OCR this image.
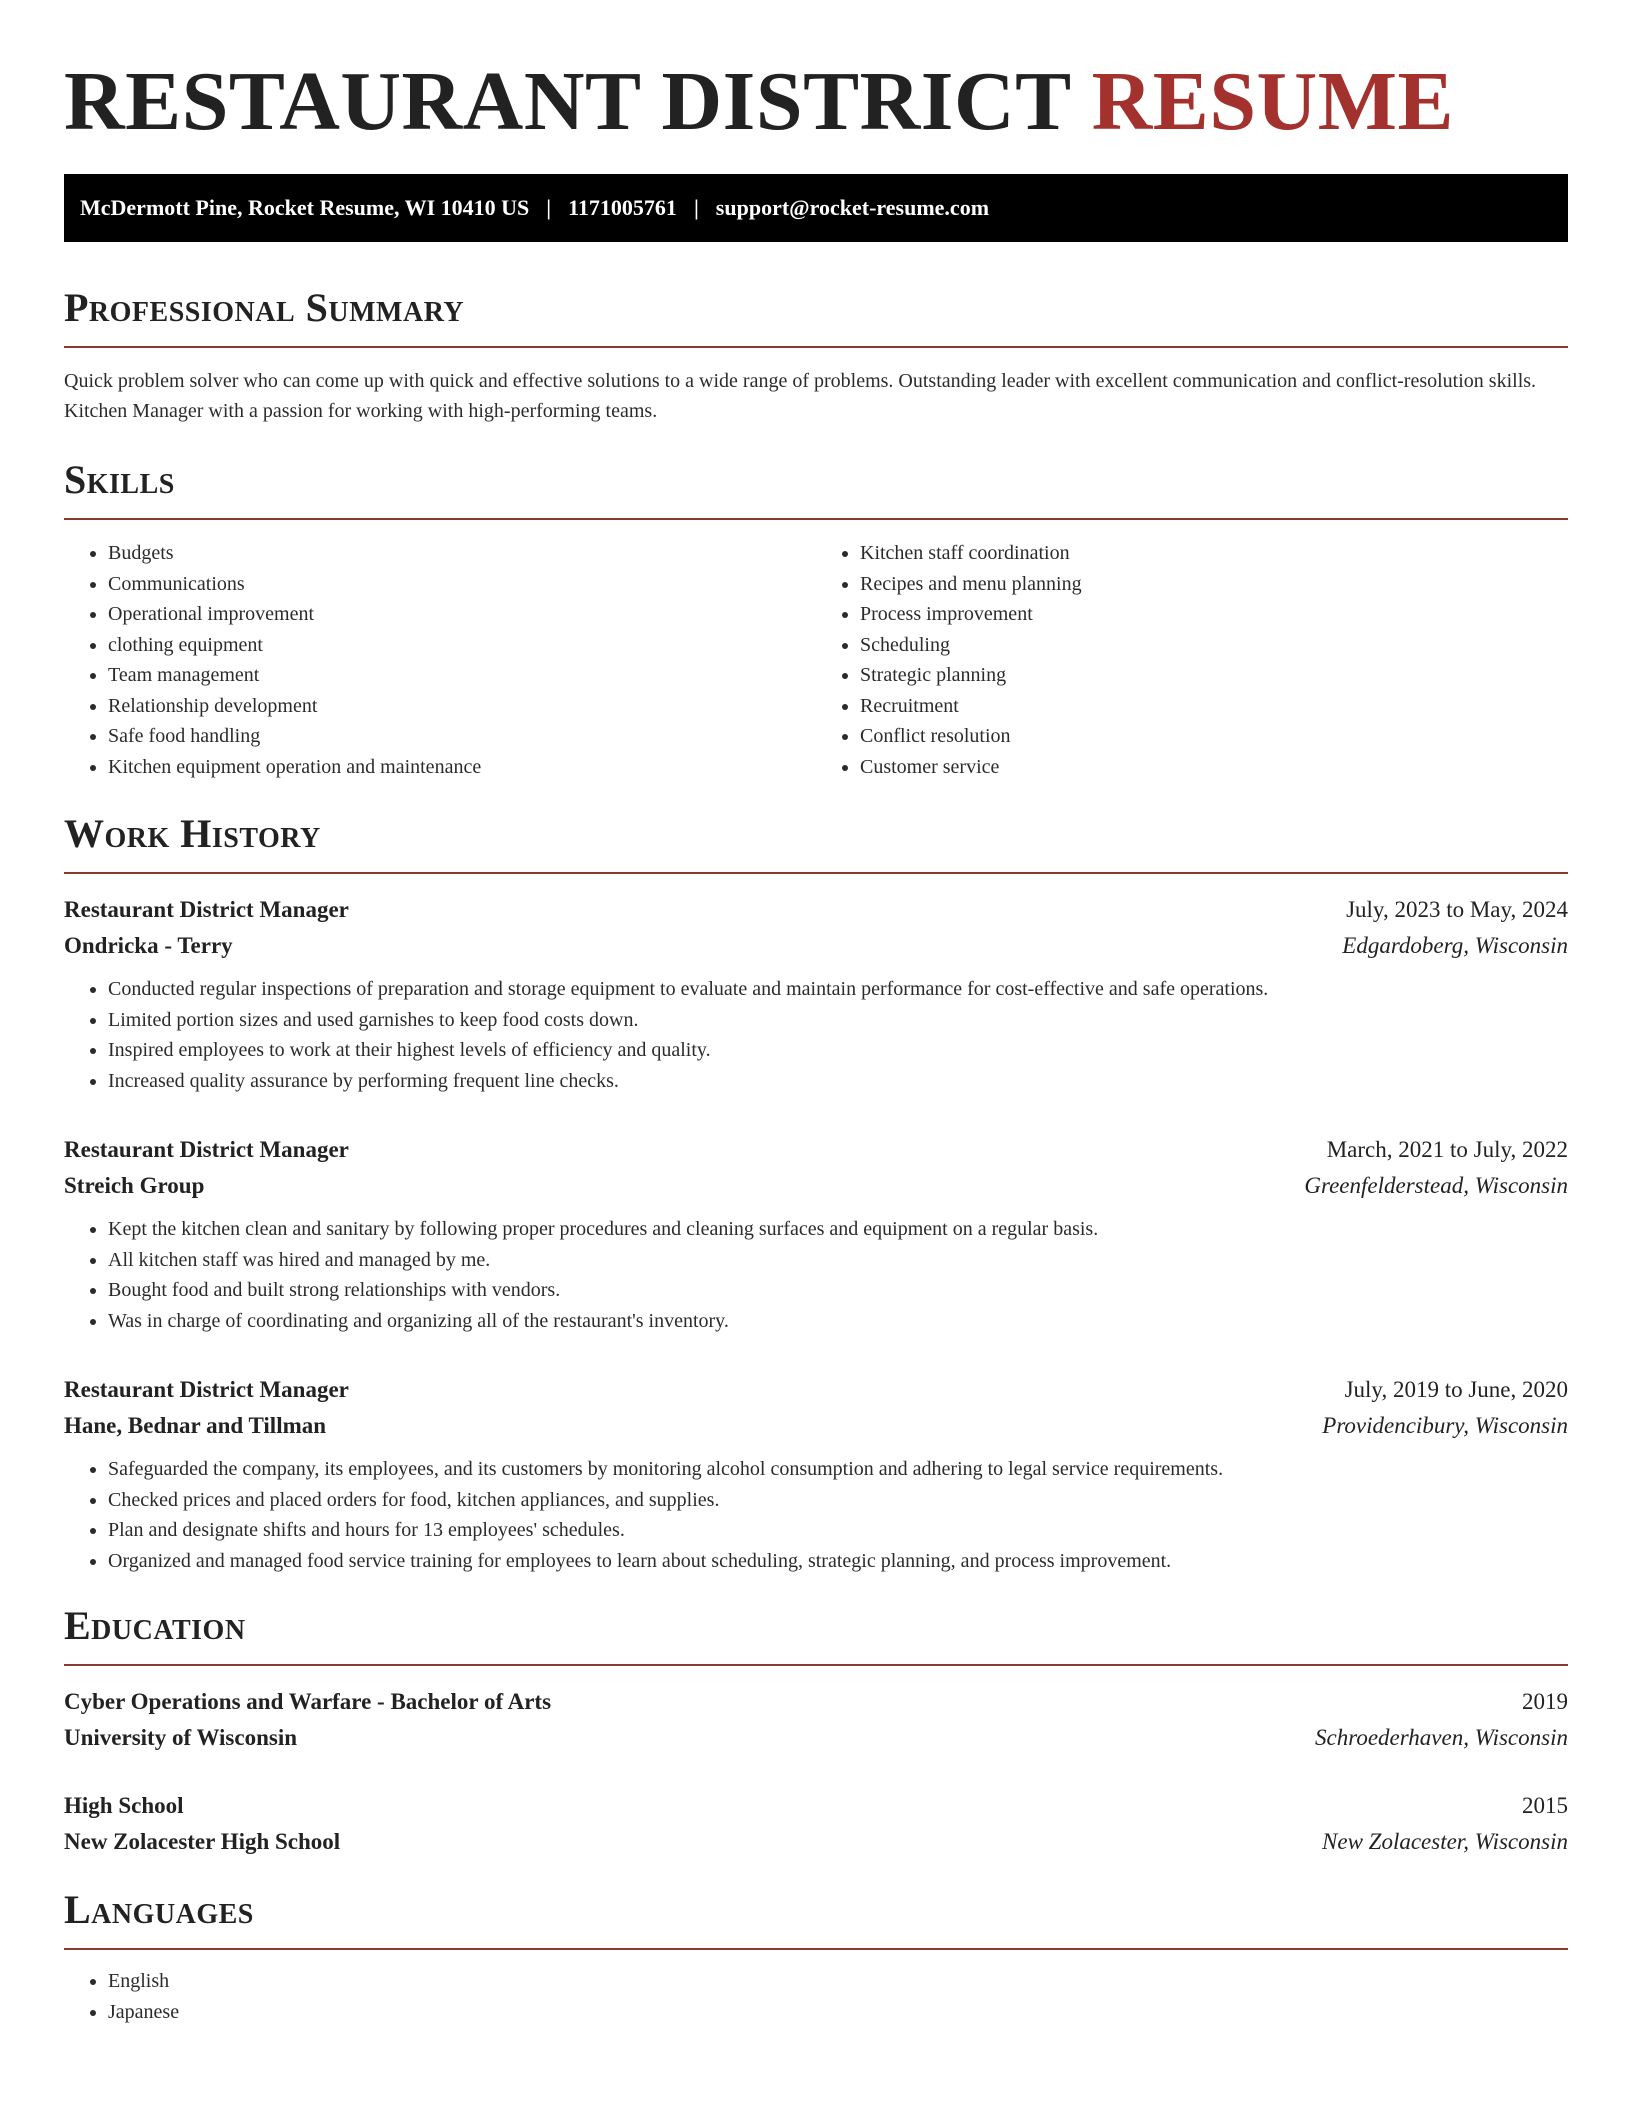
RESTAURANT DISTRICT RESUME
McDermott Pine, Rocket Resume, WI 10410 US | 1171005761 | support@rocket-resume.com
Professional Summary

Quick problem solver who can come up with quick and effective solutions to a wide range of problems. Outstanding leader with excellent communication and conflict-resolution skills. Kitchen Manager with a passion for working with high-performing teams.

Skills
• Budgets
• Communications
• Operational improvement
• clothing equipment
• Team management
• Relationship development
• Safe food handling
• Kitchen equipment operation and maintenance
• Kitchen staff coordination
• Recipes and menu planning
• Process improvement
• Scheduling
• Strategic planning
• Recruitment
• Conflict resolution
• Customer service
Work History
Restaurant District Manager	July, 2023 to May, 2024
Ondricka - Terry	Edgardoberg, Wisconsin
• Conducted regular inspections of preparation and storage equipment to evaluate and maintain performance for cost-effective and safe operations.
• Limited portion sizes and used garnishes to keep food costs down.
• Inspired employees to work at their highest levels of efficiency and quality.
• Increased quality assurance by performing frequent line checks.
Restaurant District Manager	March, 2021 to July, 2022
Streich Group	Greenfelderstead, Wisconsin
• Kept the kitchen clean and sanitary by following proper procedures and cleaning surfaces and equipment on a regular basis.
• All kitchen staff was hired and managed by me.
• Bought food and built strong relationships with vendors.
• Was in charge of coordinating and organizing all of the restaurant's inventory.
Restaurant District Manager	July, 2019 to June, 2020
Hane, Bednar and Tillman	Providencibury, Wisconsin
• Safeguarded the company, its employees, and its customers by monitoring alcohol consumption and adhering to legal service requirements.
• Checked prices and placed orders for food, kitchen appliances, and supplies.
• Plan and designate shifts and hours for 13 employees' schedules.
• Organized and managed food service training for employees to learn about scheduling, strategic planning, and process improvement.
Education
Cyber Operations and Warfare - Bachelor of Arts	2019
University of Wisconsin	Schroederhaven, Wisconsin
High School	2015
New Zolacester High School	New Zolacester, Wisconsin
Languages
• English
• Japanese
